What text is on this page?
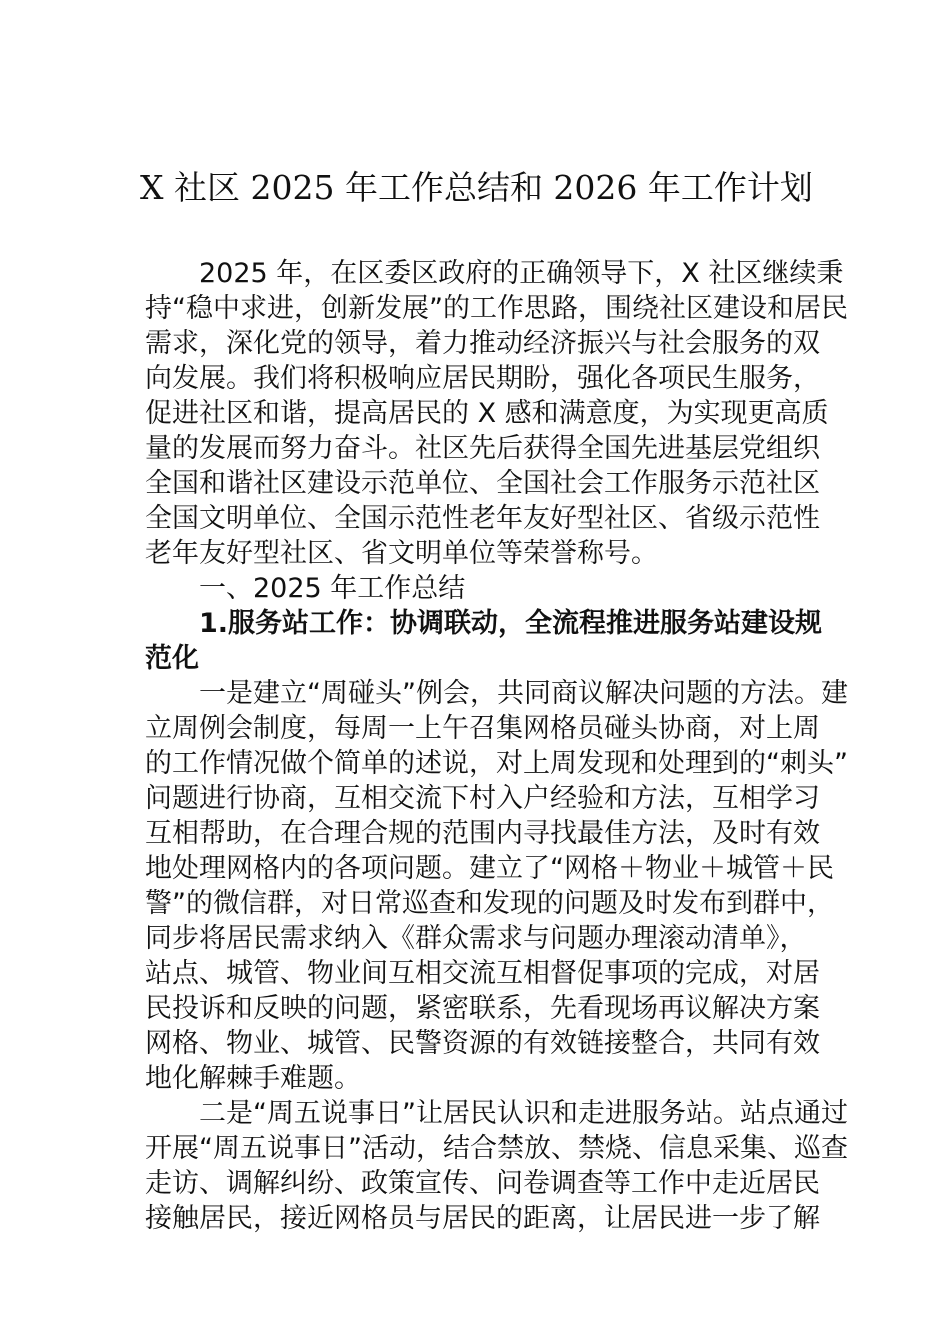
X 社区 2025 年工作总结和 2026 年工作计划
2025 年，在区委区政府的正确领导下，X 社区继续秉
持“稳中求进，创新发展”的工作思路，围绕社区建设和居民
需求，深化党的领导，着力推动经济振兴与社会服务的双
向发展。我们将积极响应居民期盼，强化各项民生服务，
促进社区和谐，提高居民的 X 感和满意度，为实现更高质
量的发展而努力奋斗。社区先后获得全国先进基层党组织
全国和谐社区建设示范单位、全国社会工作服务示范社区
全国文明单位、全国示范性老年友好型社区、省级示范性
老年友好型社区、省文明单位等荣誉称号。
一、2025 年工作总结
1.服务站工作：协调联动，全流程推进服务站建设规
范化
一是建立“周碰头”例会，共同商议解决问题的方法。建
立周例会制度，每周一上午召集网格员碰头协商，对上周
的工作情况做个简单的述说，对上周发现和处理到的“刺头”
问题进行协商，互相交流下村入户经验和方法，互相学习
互相帮助，在合理合规的范围内寻找最佳方法，及时有效
地处理网格内的各项问题。建立了“网格＋物业＋城管＋民
警”的微信群，对日常巡查和发现的问题及时发布到群中，
同步将居民需求纳入《群众需求与问题办理滚动清单》，
站点、城管、物业间互相交流互相督促事项的完成，对居
民投诉和反映的问题，紧密联系，先看现场再议解决方案
网格、物业、城管、民警资源的有效链接整合，共同有效
地化解棘手难题。
二是“周五说事日”让居民认识和走进服务站。站点通过
开展“周五说事日”活动，结合禁放、禁烧、信息采集、巡查
走访、调解纠纷、政策宣传、问卷调查等工作中走近居民
接触居民，接近网格员与居民的距离，让居民进一步了解
